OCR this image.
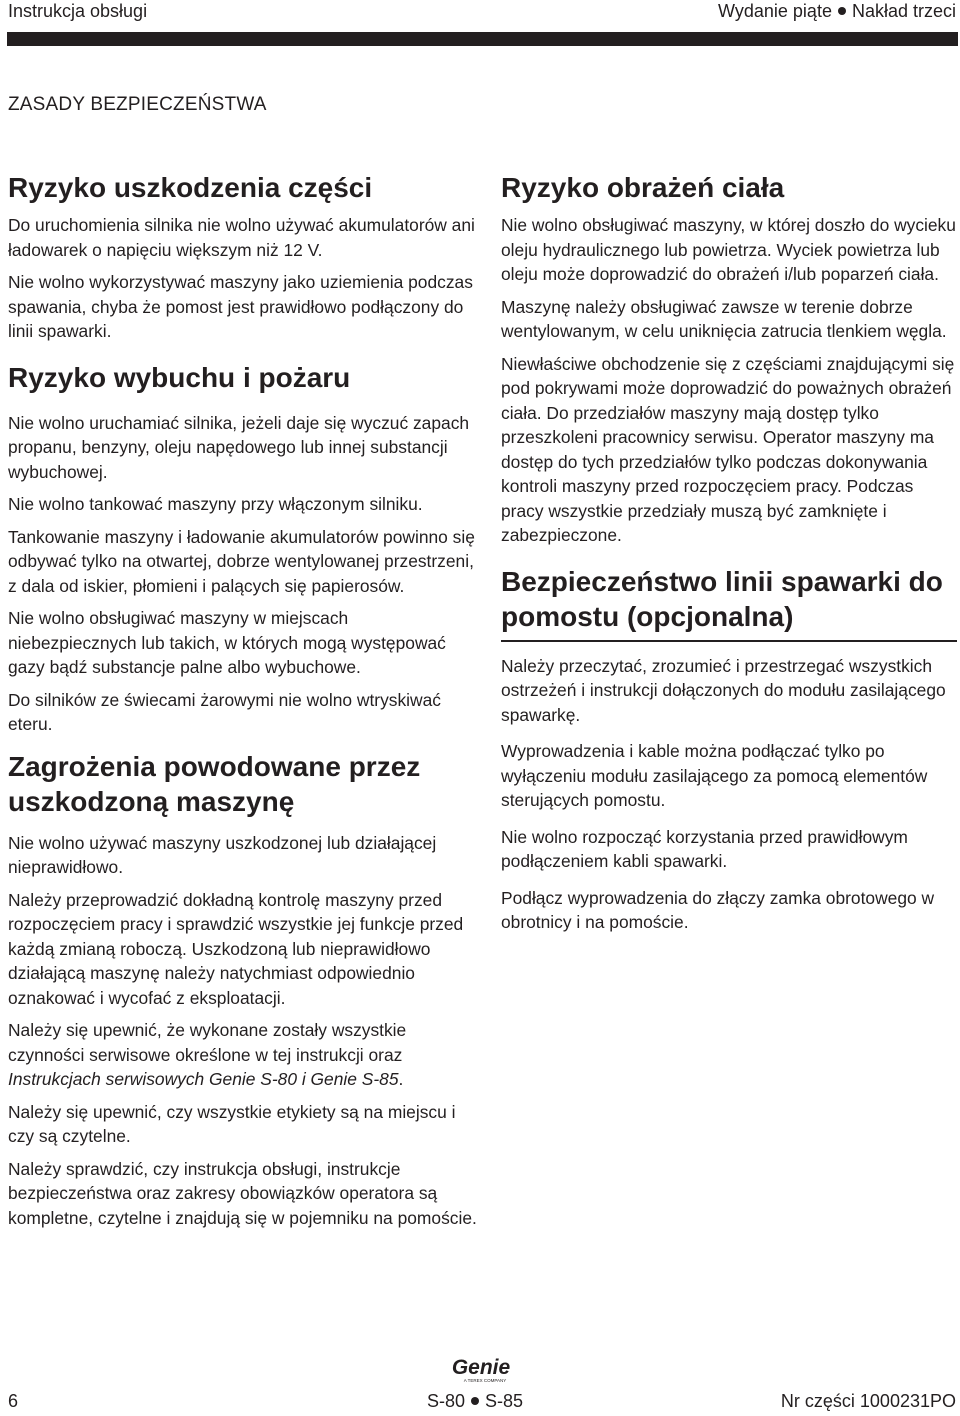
Instrukcja obsługi	Wydanie piąte Nakład trzeci
ZASADY BEZPIECZEŃSTWA
Ryzyko uszkodzenia części

Do uruchomienia silnika nie wolno używać akumulatorów ani ładowarek o napięciu większym niż 12 V.

Nie wolno wykorzystywać maszyny jako uziemienia podczas spawania, chyba że pomost jest prawidłowo podłączony do linii spawarki.

Ryzyko wybuchu i pożaru

Nie wolno uruchamiać silnika, jeżeli daje się wyczuć zapach propanu, benzyny, oleju napędowego lub innej substancji wybuchowej.

Nie wolno tankować maszyny przy włączonym silniku.

Tankowanie maszyny i ładowanie akumulatorów powinno się odbywać tylko na otwartej, dobrze wentylowanej przestrzeni, z dala od iskier, płomieni i palących się papierosów.

Nie wolno obsługiwać maszyny w miejscach niebezpiecznych lub takich, w których mogą występować gazy bądź substancje palne albo wybuchowe.

Do silników ze świecami żarowymi nie wolno wtryskiwać eteru.

Zagrożenia powodowane przez uszkodzoną maszynę

Nie wolno używać maszyny uszkodzonej lub działającej nieprawidłowo.

Należy przeprowadzić dokładną kontrolę maszyny przed rozpoczęciem pracy i sprawdzić wszystkie jej funkcje przed każdą zmianą roboczą. Uszkodzoną lub nieprawidłowo działającą maszynę należy natychmiast odpowiednio oznakować i wycofać z eksploatacji.

Należy się upewnić, że wykonane zostały wszystkie czynności serwisowe określone w tej instrukcji oraz Instrukcjach serwisowych Genie S-80 i Genie S-85.

Należy się upewnić, czy wszystkie etykiety są na miejscu i czy są czytelne.

Należy sprawdzić, czy instrukcja obsługi, instrukcje bezpieczeństwa oraz zakresy obowiązków operatora są kompletne, czytelne i znajdują się w pojemniku na pomoście.

Ryzyko obrażeń ciała

Nie wolno obsługiwać maszyny, w której doszło do wycieku oleju hydraulicznego lub powietrza. Wyciek powietrza lub oleju może doprowadzić do obrażeń i/lub poparzeń ciała.

Maszynę należy obsługiwać zawsze w terenie dobrze wentylowanym, w celu uniknięcia zatrucia tlenkiem węgla.

Niewłaściwe obchodzenie się z częściami znajdującymi się pod pokrywami może doprowadzić do poważnych obrażeń ciała. Do przedziałów maszyny mają dostęp tylko przeszkoleni pracownicy serwisu. Operator maszyny ma dostęp do tych przedziałów tylko podczas dokonywania kontroli maszyny przed rozpoczęciem pracy. Podczas pracy wszystkie przedziały muszą być zamknięte i zabezpieczone.

Bezpieczeństwo linii spawarki do pomostu (opcjonalna)

Należy przeczytać, zrozumieć i przestrzegać wszystkich ostrzeżeń i instrukcji dołączonych do modułu zasilającego spawarkę.

Wyprowadzenia i kable można podłączać tylko po wyłączeniu modułu zasilającego za pomocą elementów sterujących pomostu.

Nie wolno rozpocząć korzystania przed prawidłowym podłączeniem kabli spawarki.

Podłącz wyprowadzenia do złączy zamka obrotowego w obrotnicy i na pomoście.

Genie
A TEREX COMPANY
6	S-80 S-85	Nr części 1000231PO
